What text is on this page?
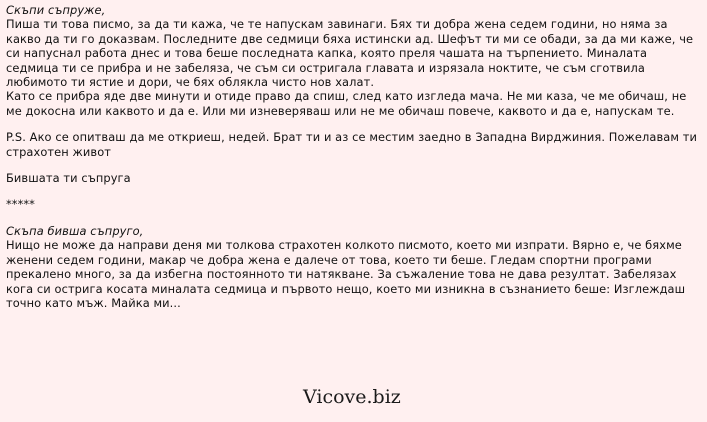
Скъпи съпруже,

Пиша ти това писмо, за да ти кажа, че те напускам завинаги. Бях ти добра жена седем години, но няма за какво да ти го доказвам. Последните две седмици бяха истински ад. Шефът ти ми се обади, за да ми каже, че си напуснал работа днес и това беше последната капка, която преля чашата на търпението. Миналата седмица ти се прибра и не забеляза, че съм си остригала главата и изрязала ноктите, че съм сготвила любимото ти ястие и дори, че бях облякла чисто нов халат.

Като се прибра яде две минути и отиде право да спиш, след като изгледа мача. Не ми каза, че ме обичаш, не ме докосна или каквото и да е. Или ми изневеряваш или не ме обичаш повече, каквото и да е, напускам те.

P.S. Ако се опитваш да ме откриеш, недей. Брат ти и аз се местим заедно в Западна Вирджиния. Пожелавам ти страхотен живот

Бившата ти съпруга

*****

Скъпа бивша съпруго,

Нищо не може да направи деня ми толкова страхотен колкото писмото, което ми изпрати. Вярно е, че бяхме женени седем години, макар че добра жена е далече от това, което ти беше. Гледам спортни програми прекалено много, за да избегна постоянното ти натякване. За съжаление това не дава резултат. Забелязах кога си острига косата миналата седмица и първото нещо, което ми изникна в съзнанието беше: Изглеждаш точно като мъж. Майка ми...

Vicove.biz
